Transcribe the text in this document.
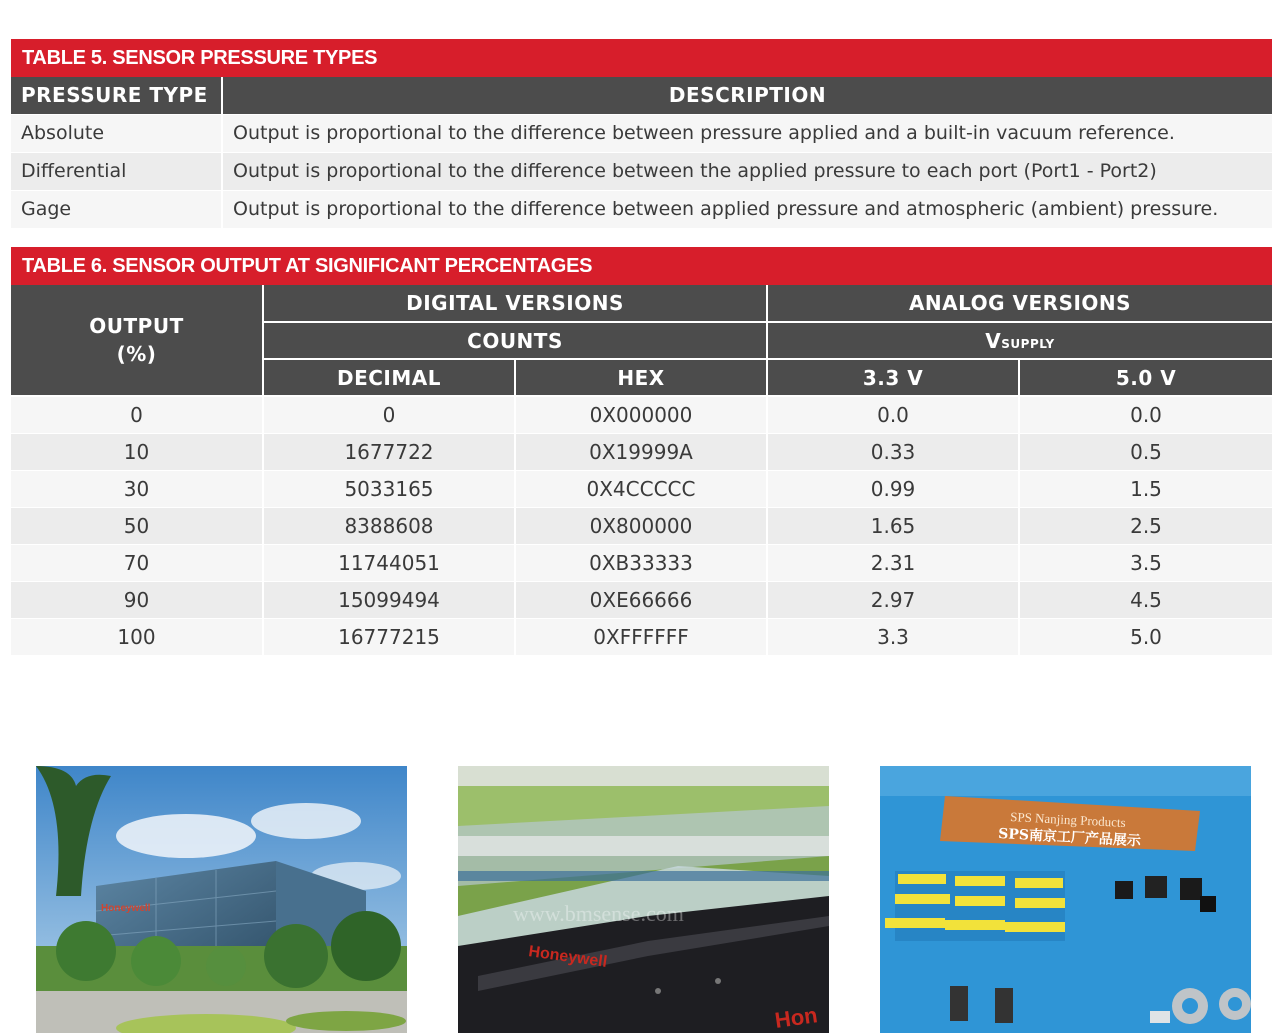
TABLE 5. SENSOR PRESSURE TYPES
PRESSURE TYPE	DESCRIPTION
Absolute	Output is proportional to the difference between pressure applied and a built-in vacuum reference.
Differential	Output is proportional to the difference between the applied pressure to each port (Port1 - Port2)
Gage	Output is proportional to the difference between applied pressure and atmospheric (ambient) pressure.
TABLE 6. SENSOR OUTPUT AT SIGNIFICANT PERCENTAGES
OUTPUT
(%)	DIGITAL VERSIONS		ANALOG VERSIONS	
	COUNTS		VSUPPLY	
	DECIMAL	HEX	3.3 V	5.0 V
0	0	0X000000	0.0	0.0
10	1677722	0X19999A	0.33	0.5
30	5033165	0X4CCCCC	0.99	1.5
50	8388608	0X800000	1.65	2.5
70	11744051	0XB33333	2.31	3.5
90	15099494	0XE66666	2.97	4.5
100	16777215	0XFFFFFF	3.3	5.0
Honeywell
Honeywell
Hon
www.bmsense.com
SPS Nanjing Products
SPS南京工厂产品展示
